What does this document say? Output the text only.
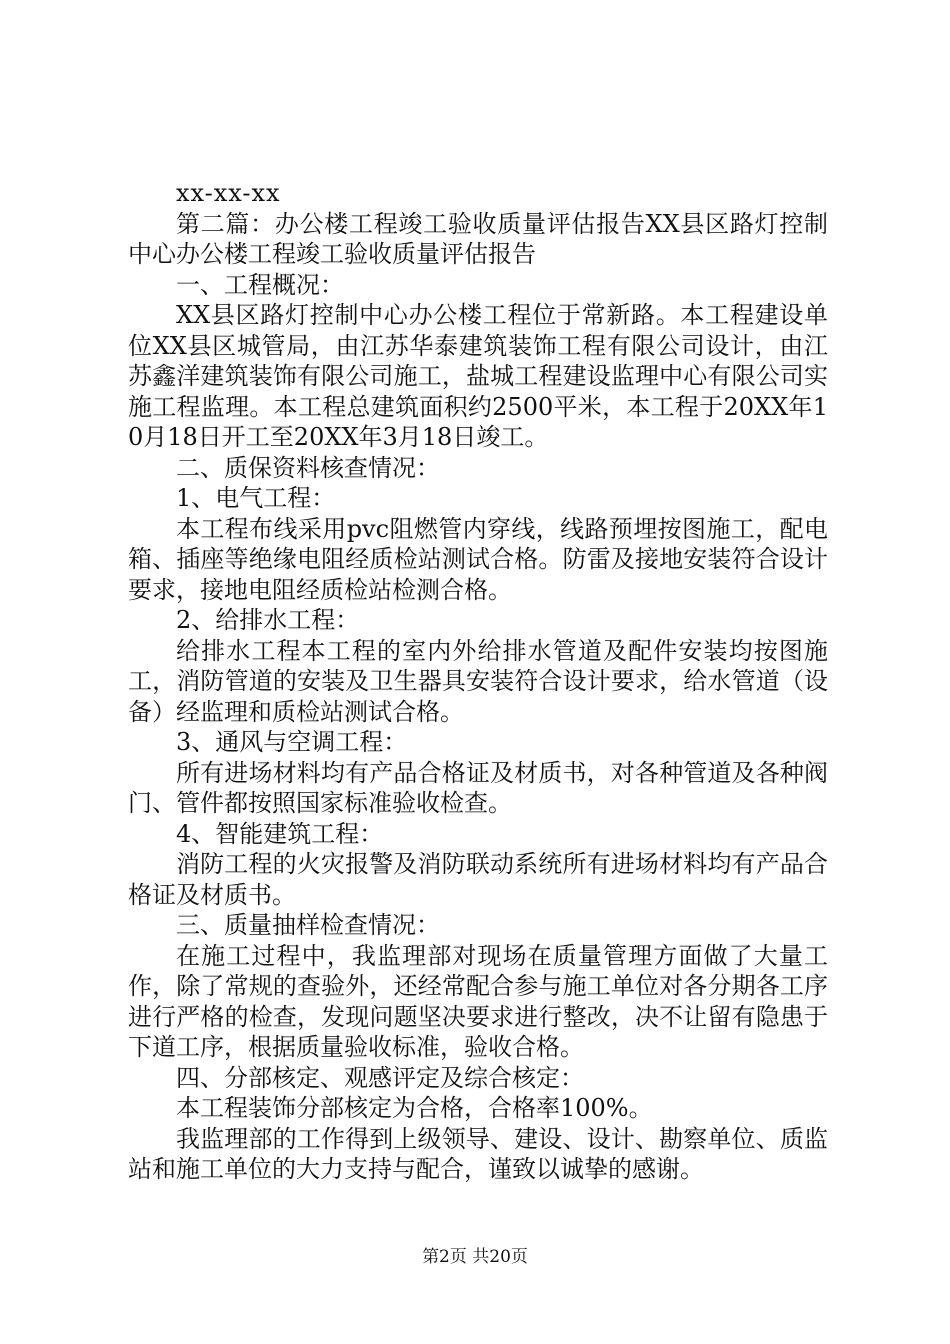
xx-xx-xx

第二篇：办公楼工程竣工验收质量评估报告XX县区路灯控制中心办公楼工程竣工验收质量评估报告

一、工程概况：

XX县区路灯控制中心办公楼工程位于常新路。本工程建设单位XX县区城管局，由江苏华泰建筑装饰工程有限公司设计，由江苏鑫洋建筑装饰有限公司施工，盐城工程建设监理中心有限公司实施工程监理。本工程总建筑面积约2500平米，本工程于20XX年10月18日开工至20XX年3月18日竣工。

二、质保资料核查情况：

1、电气工程：

本工程布线采用pvc阻燃管内穿线，线路预埋按图施工，配电箱、插座等绝缘电阻经质检站测试合格。防雷及接地安装符合设计要求，接地电阻经质检站检测合格。

2、给排水工程：

给排水工程本工程的室内外给排水管道及配件安装均按图施工，消防管道的安装及卫生器具安装符合设计要求，给水管道（设备）经监理和质检站测试合格。

3、通风与空调工程：

所有进场材料均有产品合格证及材质书，对各种管道及各种阀门、管件都按照国家标准验收检查。

4、智能建筑工程：

消防工程的火灾报警及消防联动系统所有进场材料均有产品合格证及材质书。

三、质量抽样检查情况：

在施工过程中，我监理部对现场在质量管理方面做了大量工作，除了常规的查验外，还经常配合参与施工单位对各分期各工序进行严格的检查，发现问题坚决要求进行整改，决不让留有隐患于下道工序，根据质量验收标准，验收合格。

四、分部核定、观感评定及综合核定：

本工程装饰分部核定为合格，合格率100%。

我监理部的工作得到上级领导、建设、设计、勘察单位、质监站和施工单位的大力支持与配合，谨致以诚挚的感谢。

第2页 共20页
